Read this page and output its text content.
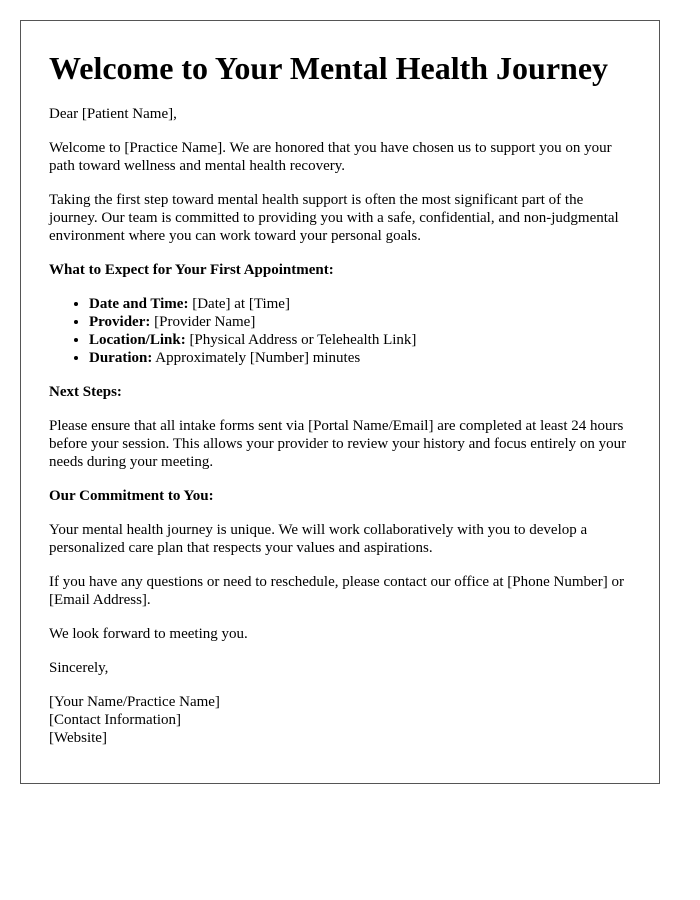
Welcome to Your Mental Health Journey

Dear [Patient Name],

Welcome to [Practice Name]. We are honored that you have chosen us to support you on your path toward wellness and mental health recovery.

Taking the first step toward mental health support is often the most significant part of the journey. Our team is committed to providing you with a safe, confidential, and non-judgmental environment where you can work toward your personal goals.

What to Expect for Your First Appointment:

• Date and Time: [Date] at [Time]
• Provider: [Provider Name]
• Location/Link: [Physical Address or Telehealth Link]
• Duration: Approximately [Number] minutes

Next Steps:

Please ensure that all intake forms sent via [Portal Name/Email] are completed at least 24 hours before your session. This allows your provider to review your history and focus entirely on your needs during your meeting.

Our Commitment to You:

Your mental health journey is unique. We will work collaboratively with you to develop a personalized care plan that respects your values and aspirations.

If you have any questions or need to reschedule, please contact our office at [Phone Number] or [Email Address].

We look forward to meeting you.

Sincerely,

[Your Name/Practice Name]
[Contact Information]
[Website]
